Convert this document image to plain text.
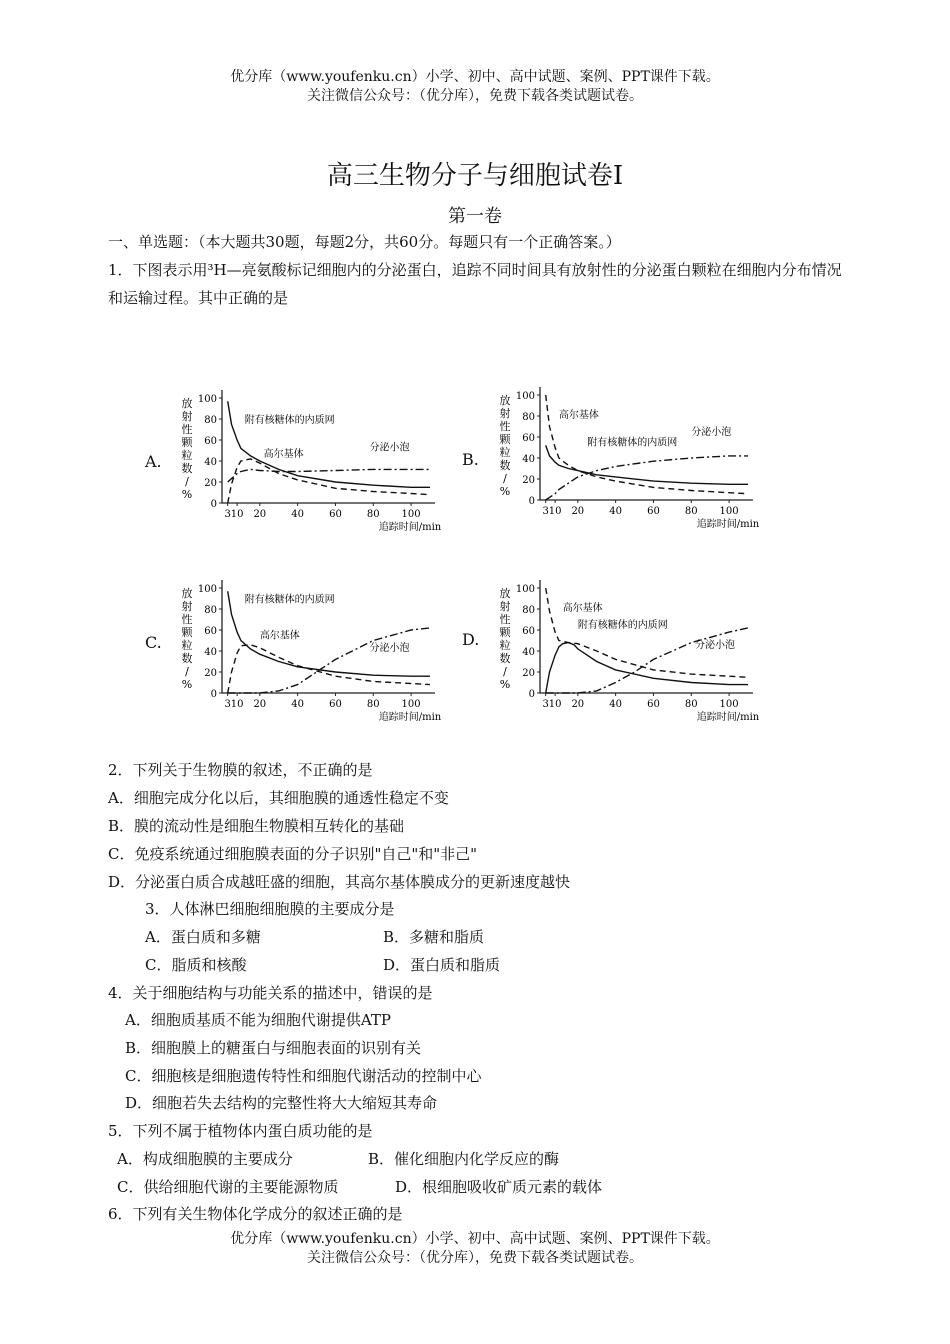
优分库（www.youfenku.cn）小学、初中、高中试题、案例、PPT课件下载。
关注微信公众号：（优分库），免费下载各类试题试卷。
高三生物分子与细胞试卷Ⅰ
第一卷
一、单选题：（本大题共30题，每题2分，共60分。每题只有一个正确答案。）
1．下图表示用³H—亮氨酸标记细胞内的分泌蛋白，追踪不同时间具有放射性的分泌蛋白颗粒在细胞内分布情况和运输过程。其中正确的是
A.
0
20
40
60
80
100
3 10 20	40	60	80 100
追踪时间/min
放
射
性
颗
粒
数
/
%
附有核糖体的内质网
高尔基体
分泌小泡
B.
0
20
40
60
80
100
3 10 20	40	60	80 100
追踪时间/min
放
射
性
颗
粒
数
/
%
附有核糖体的内质网
高尔基体
分泌小泡
C.
0
20
40
60
80
100
3 10 20	40	60	80 100
追踪时间/min
放
射
性
颗
粒
数
/
%
附有核糖体的内质网
高尔基体
分泌小泡	D.
0
20
40
60
80
100
3 10 20	40	60	80 100
追踪时间/min
放
射
性
颗
粒
数
/
%
附有核糖体的内质网
高尔基体
分泌小泡
2．下列关于生物膜的叙述，不正确的是
A．细胞完成分化以后，其细胞膜的通透性稳定不变
B．膜的流动性是细胞生物膜相互转化的基础
C．免疫系统通过细胞膜表面的分子识别"自己"和"非己"
D．分泌蛋白质合成越旺盛的细胞，其高尔基体膜成分的更新速度越快
3．人体淋巴细胞细胞膜的主要成分是
A．蛋白质和多糖	B．多糖和脂质
C．脂质和核酸	D．蛋白质和脂质
4．关于细胞结构与功能关系的描述中，错误的是
A．细胞质基质不能为细胞代谢提供ATP
B．细胞膜上的糖蛋白与细胞表面的识别有关
C．细胞核是细胞遗传特性和细胞代谢活动的控制中心
D．细胞若失去结构的完整性将大大缩短其寿命
5．下列不属于植物体内蛋白质功能的是
A．构成细胞膜的主要成分	B．催化细胞内化学反应的酶
C．供给细胞代谢的主要能源物质	D．根细胞吸收矿质元素的载体
6．下列有关生物体化学成分的叙述正确的是
优分库（www.youfenku.cn）小学、初中、高中试题、案例、PPT课件下载。
关注微信公众号：（优分库），免费下载各类试题试卷。
